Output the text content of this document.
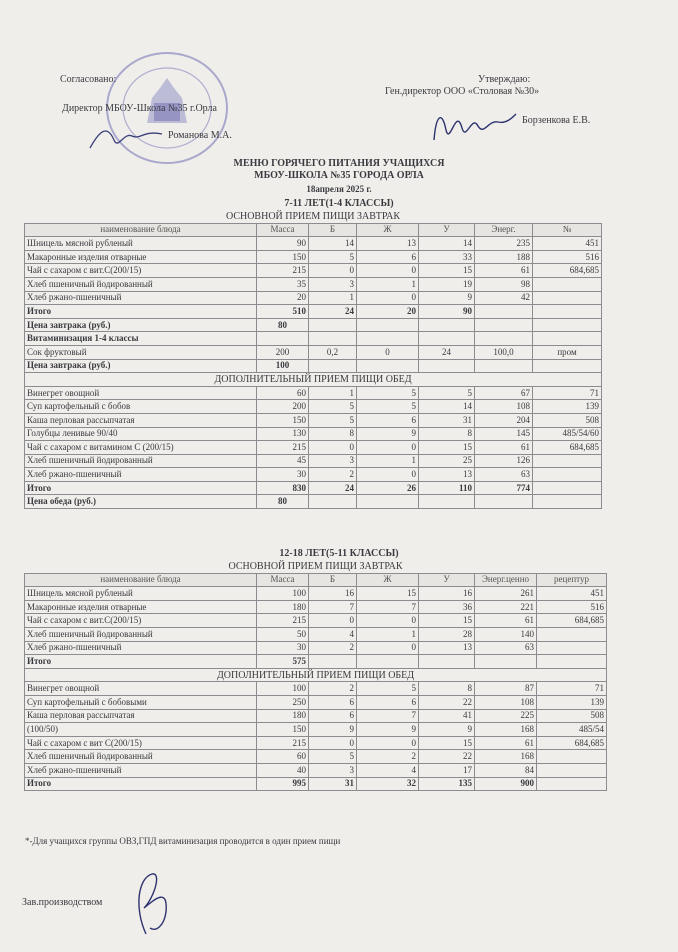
Согласовано:
Директор МБОУ-Школа №35 г.Орла
Романова М.А.
Утверждаю:
Ген.директор ООО «Столовая №30»
Борзенкова Е.В.
МЕНЮ ГОРЯЧЕГО ПИТАНИЯ УЧАЩИХСЯ
МБОУ-ШКОЛА №35 ГОРОДА ОРЛА
18апреля 2025 г.
7-11 ЛЕТ(1-4 КЛАССЫ)
ОСНОВНОЙ ПРИЕМ ПИЩИ ЗАВТРАК						
наименование блюда	Масса	Б	Ж	У	Энерг.	№
Шницель мясной рубленый	90	14	13	14	235	451
Макаронные изделия отварные	150	5	6	33	188	516
Чай с сахаром с вит.С(200/15)	215	0	0	15	61	684,685
Хлеб пшеничный йодированный	35	3	1	19	98	
Хлеб ржано-пшеничный	20	1	0	9	42	
Итого	510	24	20	90		
Цена завтрака (руб.)	80					
Витаминизация 1-4 классы						
Сок фруктовый	200	0,2	0	24	100,0	пром
Цена завтрака (руб.)	100					
ДОПОЛНИТЕЛЬНЫЙ ПРИЕМ ПИЩИ ОБЕД						
Винегрет овощной	60	1	5	5	67	71
Суп картофельный с бобов	200	5	5	14	108	139
Каша перловая рассыпчатая	150	5	6	31	204	508
Голубцы ленивые 90/40	130	8	9	8	145	485/54/60
Чай с сахаром с витамином С (200/15)	215	0	0	15	61	684,685
Хлеб пшеничный йодированный	45	3	1	25	126	
Хлеб ржано-пшеничный	30	2	0	13	63	
Итого	830	24	26	110	774	
Цена обеда (руб.)	80					
12-18 ЛЕТ(5-11 КЛАССЫ)
ОСНОВНОЙ ПРИЕМ ПИЩИ ЗАВТРАК						
наименование блюда	Масса	Б	Ж	У	Энерг.ценно	рецептур
Шницель мясной рубленый	100	16	15	16	261	451
Макаронные изделия отварные	180	7	7	36	221	516
Чай с сахаром с вит.С(200/15)	215	0	0	15	61	684,685
Хлеб пшеничный йодированный	50	4	1	28	140	
Хлеб ржано-пшеничный	30	2	0	13	63	
Итого	575					
ДОПОЛНИТЕЛЬНЫЙ ПРИЕМ ПИЩИ ОБЕД						
Винегрет овощной	100	2	5	8	87	71
Суп картофельный с бобовыми	250	6	6	22	108	139
Каша перловая рассыпчатая	180	6	7	41	225	508
(100/50)	150	9	9	9	168	485/54
Чай с сахаром с вит С(200/15)	215	0	0	15	61	684,685
Хлеб пшеничный йодированный	60	5	2	22	168	
Хлеб ржано-пшеничный	40	3	4	17	84	
Итого	995	31	32	135	900	
*-Для учащихся группы ОВЗ,ГПД витаминизация проводится в один прием пищи
Зав.производством
